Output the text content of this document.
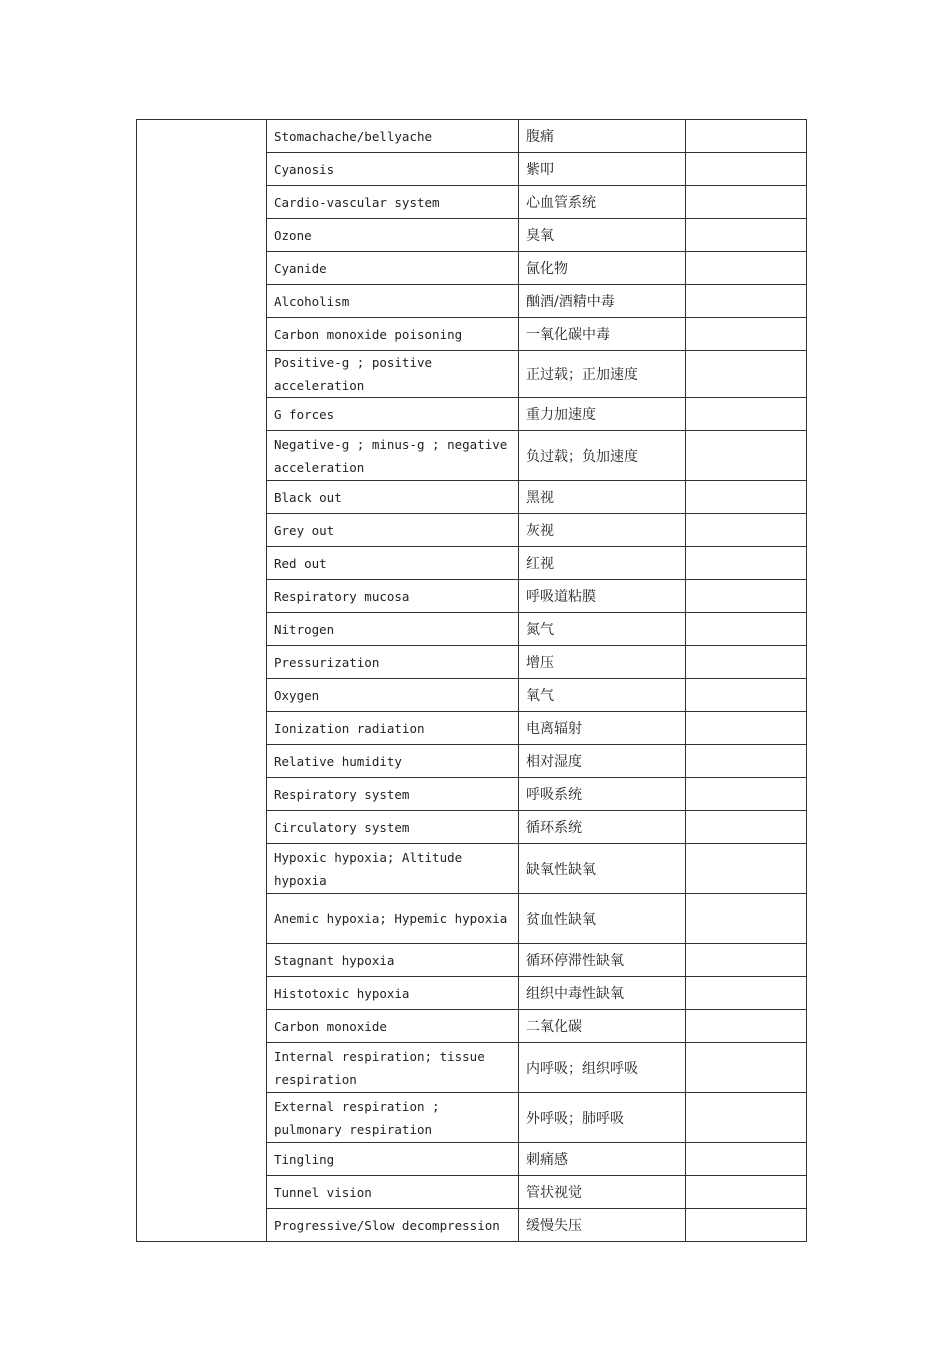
	Stomachache/bellyache	腹痛	
	Cyanosis	紫叩	
	Cardio-vascular system	心血管系统	
	Ozone	臭氧	
	Cyanide	氤化物	
	Alcoholism	酗酒/酒精中毒	
	Carbon monoxide poisoning	一氧化碳中毒	
	Positive-g ; positive acceleration	正过载；正加速度	
	G forces	重力加速度	
	Negative-g ; minus-g ; negative acceleration	负过载；负加速度	
	Black out	黑视	
	Grey out	灰视	
	Red out	红视	
	Respiratory mucosa	呼吸道粘膜	
	Nitrogen	氮气	
	Pressurization	增压	
	Oxygen	氧气	
	Ionization radiation	电离辐射	
	Relative humidity	相对湿度	
	Respiratory system	呼吸系统	
	Circulatory system	循环系统	
	Hypoxic hypoxia; Altitude hypoxia	缺氧性缺氧	
	Anemic hypoxia; Hypemic hypoxia	贫血性缺氧	
	Stagnant hypoxia	循环停滞性缺氧	
	Histotoxic hypoxia	组织中毒性缺氧	
	Carbon monoxide	二氧化碳	
	Internal respiration; tissue respiration	内呼吸；组织呼吸	
	External respiration ; pulmonary respiration	外呼吸；肺呼吸	
	Tingling	刺痛感	
	Tunnel vision	管状视觉	
	Progressive/Slow decompression	缓慢失压	
